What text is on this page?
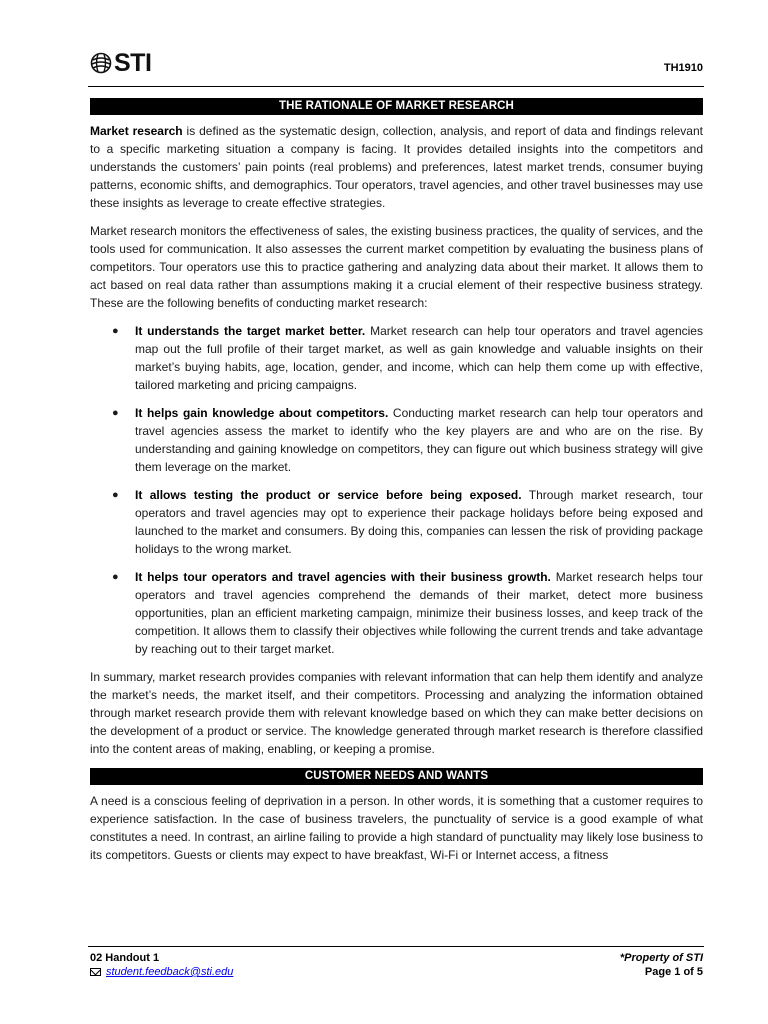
STI	TH1910
THE RATIONALE OF MARKET RESEARCH

Market research is defined as the systematic design, collection, analysis, and report of data and findings relevant to a specific marketing situation a company is facing. It provides detailed insights into the competitors and understands the customers’ pain points (real problems) and preferences, latest market trends, consumer buying patterns, economic shifts, and demographics. Tour operators, travel agencies, and other travel businesses may use these insights as leverage to create effective strategies.

Market research monitors the effectiveness of sales, the existing business practices, the quality of services, and the tools used for communication. It also assesses the current market competition by evaluating the business plans of competitors. Tour operators use this to practice gathering and analyzing data about their market. It allows them to act based on real data rather than assumptions making it a crucial element of their respective business strategy. These are the following benefits of conducting market research:

● It understands the target market better. Market research can help tour operators and travel agencies map out the full profile of their target market, as well as gain knowledge and valuable insights on their market’s buying habits, age, location, gender, and income, which can help them come up with effective, tailored marketing and pricing campaigns.
● It helps gain knowledge about competitors. Conducting market research can help tour operators and travel agencies assess the market to identify who the key players are and who are on the rise. By understanding and gaining knowledge on competitors, they can figure out which business strategy will give them leverage on the market.
● It allows testing the product or service before being exposed. Through market research, tour operators and travel agencies may opt to experience their package holidays before being exposed and launched to the market and consumers. By doing this, companies can lessen the risk of providing package holidays to the wrong market.
● It helps tour operators and travel agencies with their business growth. Market research helps tour operators and travel agencies comprehend the demands of their market, detect more business opportunities, plan an efficient marketing campaign, minimize their business losses, and keep track of the competition. It allows them to classify their objectives while following the current trends and take advantage by reaching out to their target market.

In summary, market research provides companies with relevant information that can help them identify and analyze the market’s needs, the market itself, and their competitors. Processing and analyzing the information obtained through market research provide them with relevant knowledge based on which they can make better decisions on the development of a product or service. The knowledge generated through market research is therefore classified into the content areas of making, enabling, or keeping a promise.

CUSTOMER NEEDS AND WANTS

A need is a conscious feeling of deprivation in a person. In other words, it is something that a customer requires to experience satisfaction. In the case of business travelers, the punctuality of service is a good example of what constitutes a need. In contrast, an airline failing to provide a high standard of punctuality may likely lose business to its competitors. Guests or clients may expect to have breakfast, Wi-Fi or Internet access, a fitness

02 Handout 1
student.feedback@sti.edu
*Property of STI
Page 1 of 5
